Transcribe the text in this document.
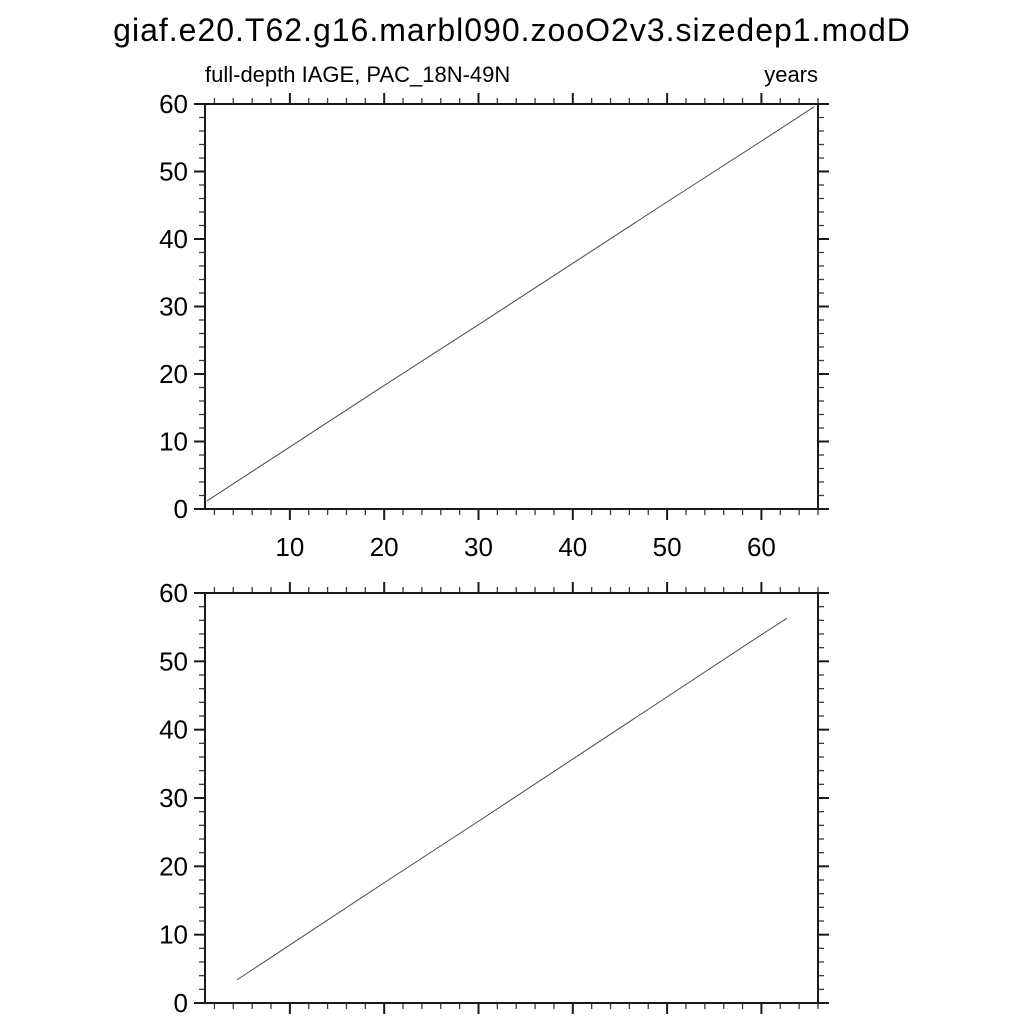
giaf.e20.T62.g16.marbl090.zooO2v3.sizedep1.modD
full-depth IAGE, PAC_18N-49N	years
10	20	30	40	50	60
0
10
20
30
40
50
60
0
10
20
30
40
50
60
